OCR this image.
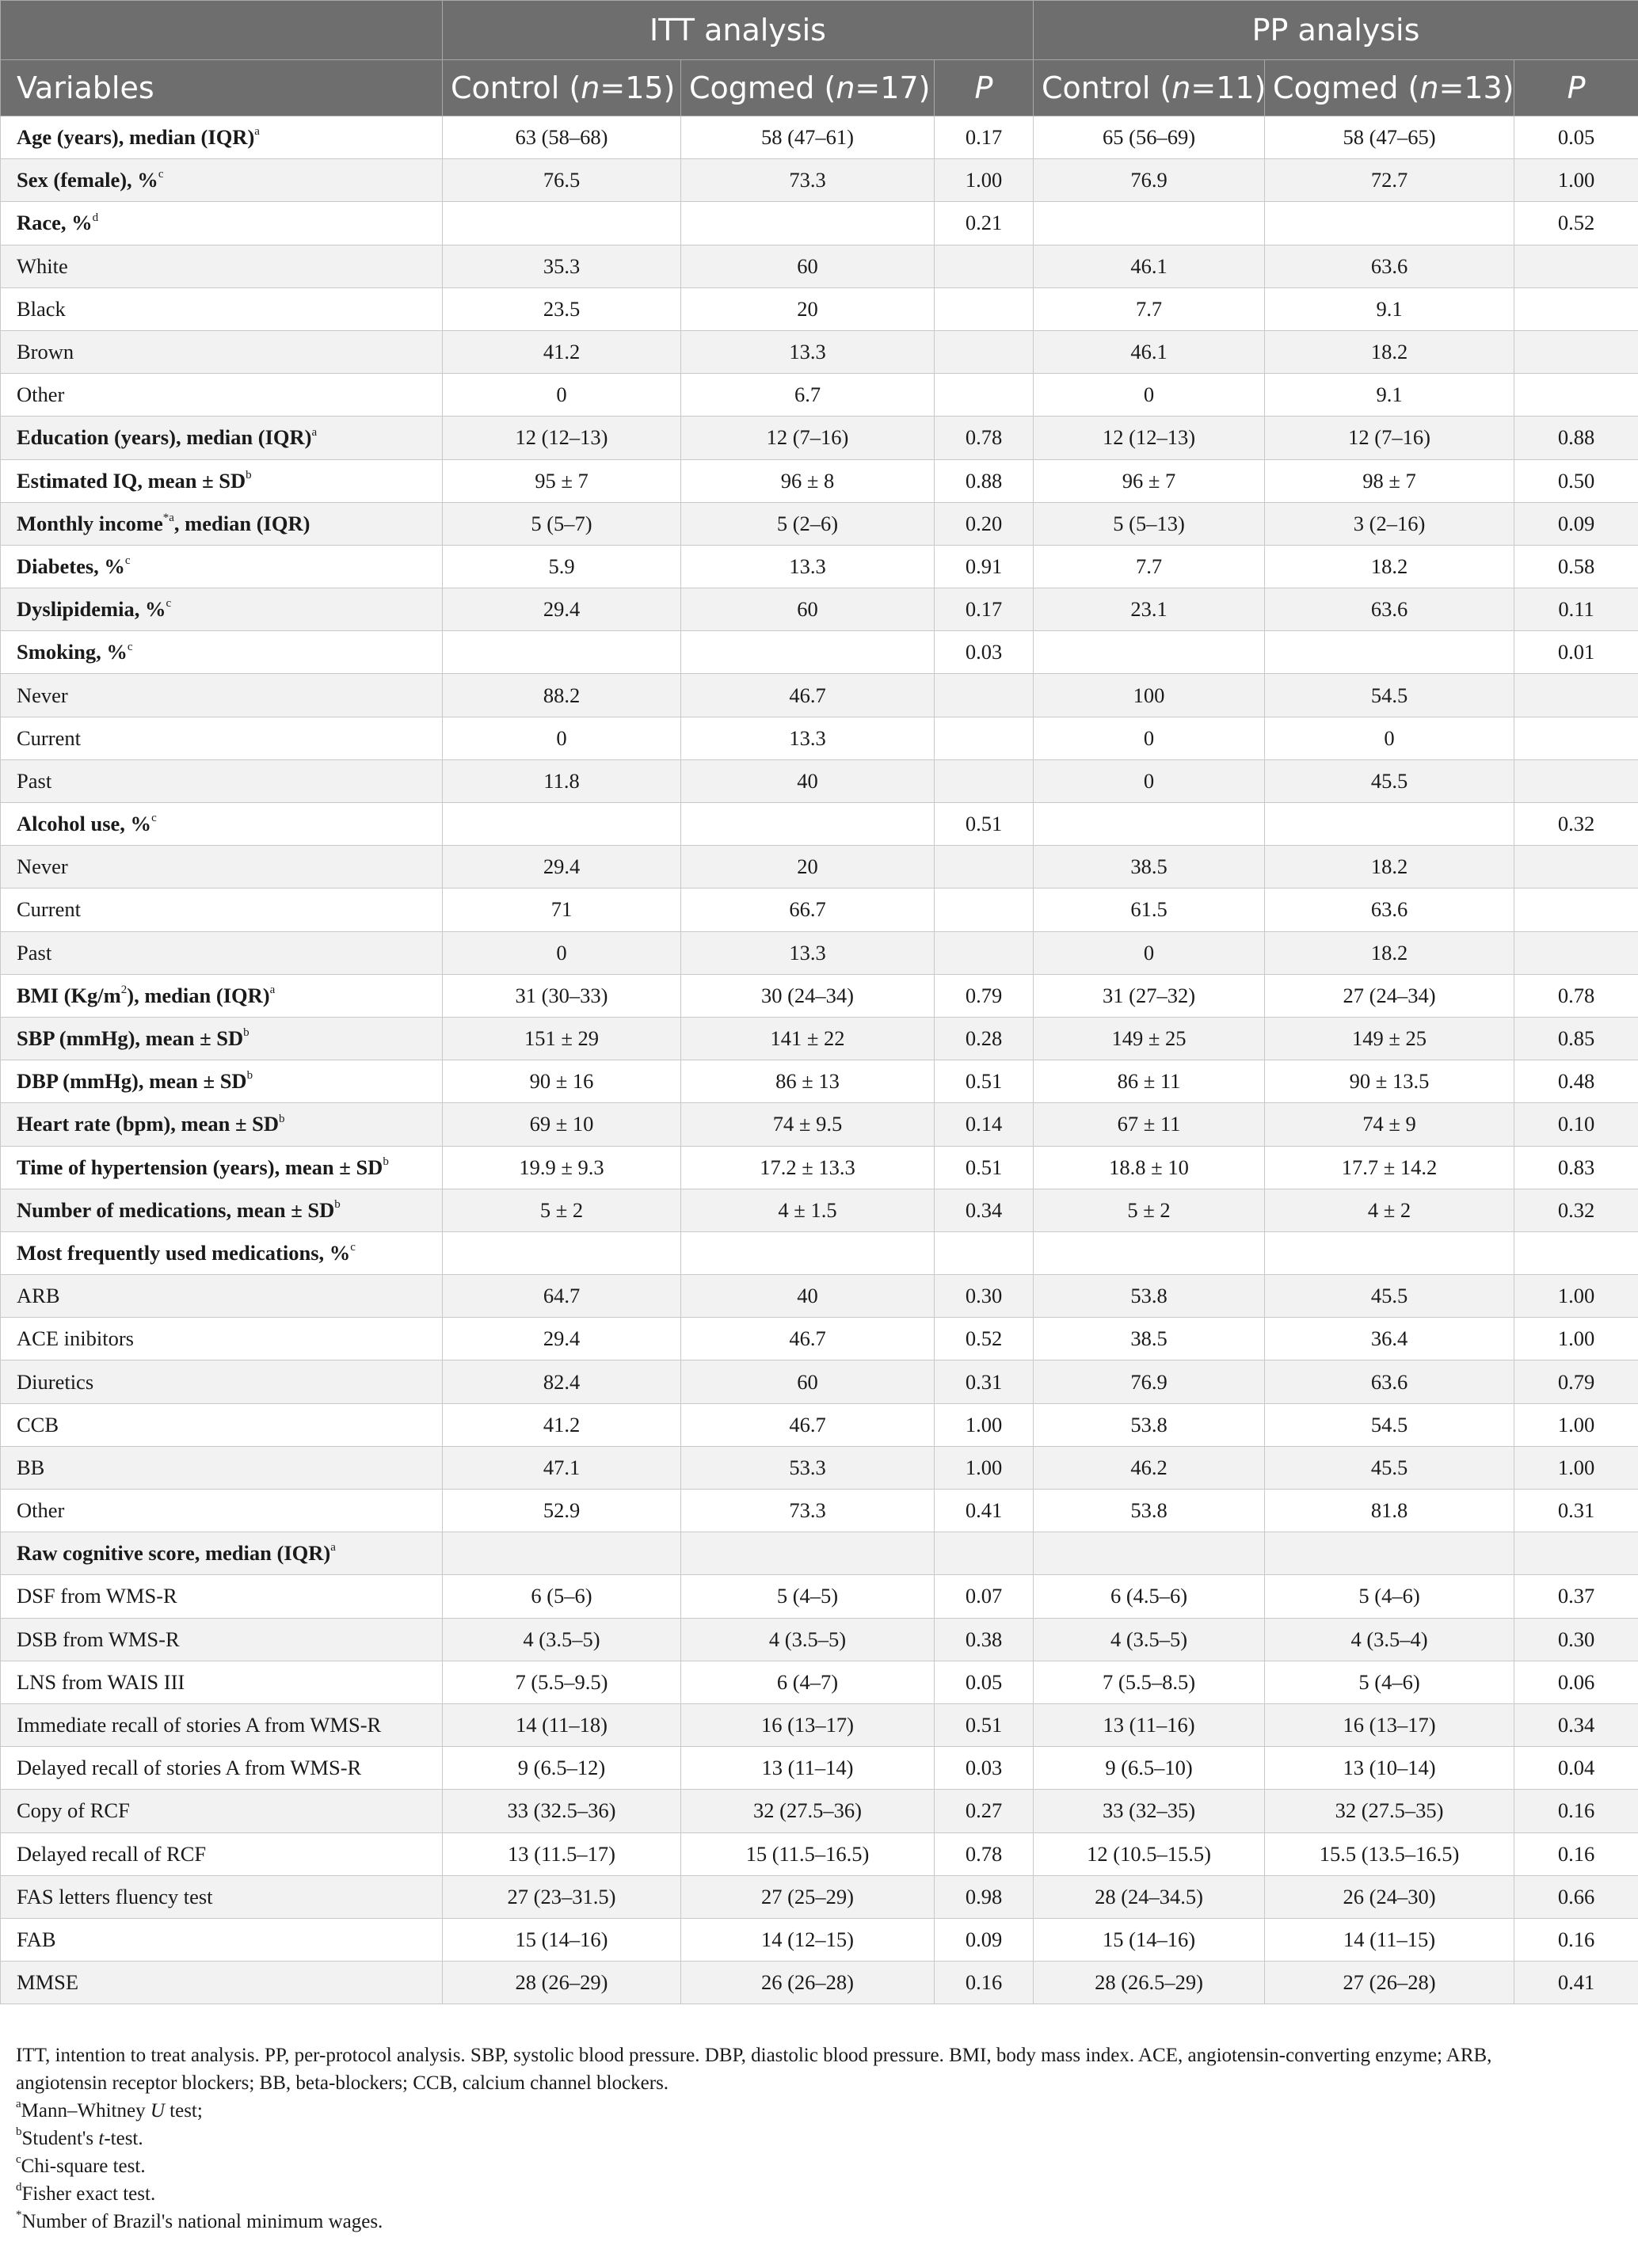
	ITT analysis			PP analysis		
Variables	Control (n=15)	Cogmed (n=17)	P	Control (n=11)	Cogmed (n=13)	P
Age (years), median (IQR)$^a$	63 (58–68)	58 (47–61)	0.17	65 (56–69)	58 (47–65)	0.05
Sex (female), %$^c$	76.5	73.3	1.00	76.9	72.7	1.00
Race, %$^d$			0.21			0.52
White	35.3	60		46.1	63.6	
Black	23.5	20		7.7	9.1	
Brown	41.2	13.3		46.1	18.2	
Other	0	6.7		0	9.1	
Education (years), median (IQR)$^a$	12 (12–13)	12 (7–16)	0.78	12 (12–13)	12 (7–16)	0.88
Estimated IQ, mean ± $SD^b$	95 ± 7	96 ± 8	0.88	96 ± 7	98 ± 7	0.50
Monthly income$^{*a}$, median (IQR)	5 (5–7)	5 (2–6)	0.20	5 (5–13)	3 (2–16)	0.09
Diabetes, %$^c$	5.9	13.3	0.91	7.7	18.2	0.58
Dyslipidemia, %$^c$	29.4	60	0.17	23.1	63.6	0.11
Smoking, %$^c$			0.03			0.01
Never	88.2	46.7		100	54.5	
Current	0	13.3		0	0	
Past	11.8	40		0	45.5	
Alcohol use, %$^c$			0.51			0.32
Never	29.4	20		38.5	18.2	
Current	71	66.7		61.5	63.6	
Past	0	13.3		0	18.2	
BMI $(Kg/m^2)$, median (IQR)$^a$	31 (30–33)	30 (24–34)	0.79	31 (27–32)	27 (24–34)	0.78
SBP (mmHg), mean ± $SD^b$	151 ± 29	141 ± 22	0.28	149 ± 25	149 ± 25	0.85
DBP (mmHg), mean ± $SD^b$	90 ± 16	86 ± 13	0.51	86 ± 11	90 ± 13.5	0.48
Heart rate (bpm), mean ± $SD^b$	69 ± 10	74 ± 9.5	0.14	67 ± 11	74 ± 9	0.10
Time of hypertension (years), mean ± $SD^b$	19.9 ± 9.3	17.2 ± 13.3	0.51	18.8 ± 10	17.7 ± 14.2	0.83
Number of medications, mean ± $SD^b$	5 ± 2	4 ± 1.5	0.34	5 ± 2	4 ± 2	0.32
Most frequently used medications, %$^c$						
ARB	64.7	40	0.30	53.8	45.5	1.00
ACE inibitors	29.4	46.7	0.52	38.5	36.4	1.00
Diuretics	82.4	60	0.31	76.9	63.6	0.79
CCB	41.2	46.7	1.00	53.8	54.5	1.00
BB	47.1	53.3	1.00	46.2	45.5	1.00
Other	52.9	73.3	0.41	53.8	81.8	0.31
Raw cognitive score, median (IQR)$^a$						
DSF from WMS-R	6 (5–6)	5 (4–5)	0.07	6 (4.5–6)	5 (4–6)	0.37
DSB from WMS-R	4 (3.5–5)	4 (3.5–5)	0.38	4 (3.5–5)	4 (3.5–4)	0.30
LNS from WAIS III	7 (5.5–9.5)	6 (4–7)	0.05	7 (5.5–8.5)	5 (4–6)	0.06
Immediate recall of stories A from WMS-R	14 (11–18)	16 (13–17)	0.51	13 (11–16)	16 (13–17)	0.34
Delayed recall of stories A from WMS-R	9 (6.5–12)	13 (11–14)	0.03	9 (6.5–10)	13 (10–14)	0.04
Copy of RCF	33 (32.5–36)	32 (27.5–36)	0.27	33 (32–35)	32 (27.5–35)	0.16
Delayed recall of RCF	13 (11.5–17)	15 (11.5–16.5)	0.78	12 (10.5–15.5)	15.5 (13.5–16.5)	0.16
FAS letters fluency test	27 (23–31.5)	27 (25–29)	0.98	28 (24–34.5)	26 (24–30)	0.66
FAB	15 (14–16)	14 (12–15)	0.09	15 (14–16)	14 (11–15)	0.16
MMSE	28 (26–29)	26 (26–28)	0.16	28 (26.5–29)	27 (26–28)	0.41

ITT, intention to treat analysis. PP, per-protocol analysis. SBP, systolic blood pressure. DBP, diastolic blood pressure. BMI, body mass index. ACE, angiotensin-converting enzyme; ARB,
angiotensin receptor blockers; BB, beta-blockers; CCB, calcium channel blockers.

$^a$Mann–Whitney U test;

$^b$Student's t-test.

$^c$Chi-square test.

$^d$Fisher exact test.

*Number of Brazil's national minimum wages.
